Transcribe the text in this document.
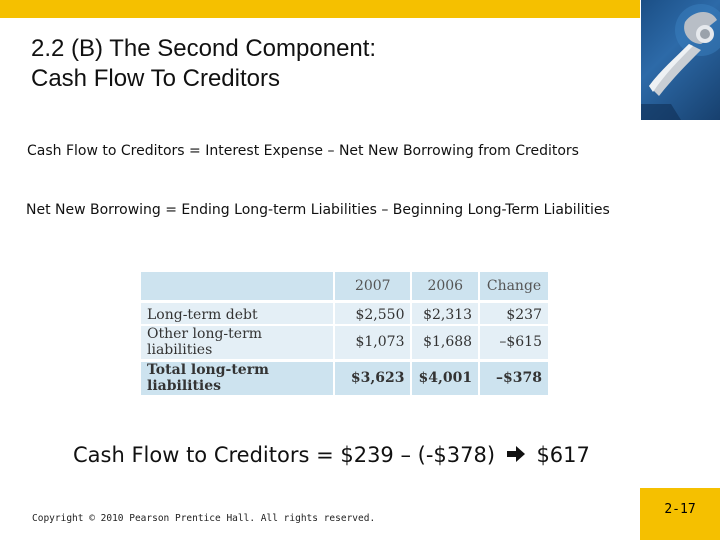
2.2 (B) The Second Component:
Cash Flow To Creditors
Cash Flow to Creditors = Interest Expense – Net New Borrowing from Creditors
Net New Borrowing = Ending Long-term Liabilities – Beginning Long-Term Liabilities
	2007	2006	Change
Long-term debt	$2,550	$2,313	$237
Other long-term liabilities	$1,073	$1,688	–$615
Total long-term liabilities	$3,623	$4,001	–$378
Cash Flow to Creditors = $239 – (-$378) $617
Copyright © 2010 Pearson Prentice Hall. All rights reserved.
2-17
